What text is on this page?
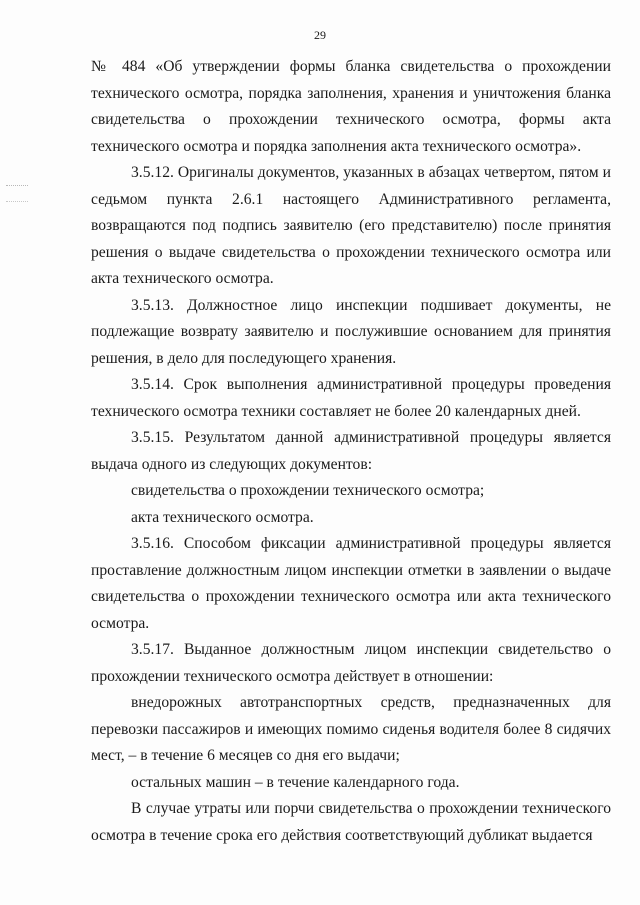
29

№ 484 «Об утверждении формы бланка свидетельства о прохождении технического осмотра, порядка заполнения, хранения и уничтожения бланка свидетельства о прохождении технического осмотра, формы акта технического осмотра и порядка заполнения акта технического осмотра».

3.5.12. Оригиналы документов, указанных в абзацах четвертом, пятом и седьмом пункта 2.6.1 настоящего Административного регламента, возвращаются под подпись заявителю (его представителю) после принятия решения о выдаче свидетельства о прохождении технического осмотра или акта технического осмотра.

3.5.13. Должностное лицо инспекции подшивает документы, не подлежащие возврату заявителю и послужившие основанием для принятия решения, в дело для последующего хранения.

3.5.14. Срок выполнения административной процедуры проведения технического осмотра техники составляет не более 20 календарных дней.

3.5.15. Результатом данной административной процедуры является выдача одного из следующих документов:

свидетельства о прохождении технического осмотра;

акта технического осмотра.

3.5.16. Способом фиксации административной процедуры является проставление должностным лицом инспекции отметки в заявлении о выдаче свидетельства о прохождении технического осмотра или акта технического осмотра.

3.5.17. Выданное должностным лицом инспекции свидетельство о прохождении технического осмотра действует в отношении:

внедорожных автотранспортных средств, предназначенных для перевозки пассажиров и имеющих помимо сиденья водителя более 8 сидячих мест, – в течение 6 месяцев со дня его выдачи;

остальных машин – в течение календарного года.

В случае утраты или порчи свидетельства о прохождении технического осмотра в течение срока его действия соответствующий дубликат выдается
